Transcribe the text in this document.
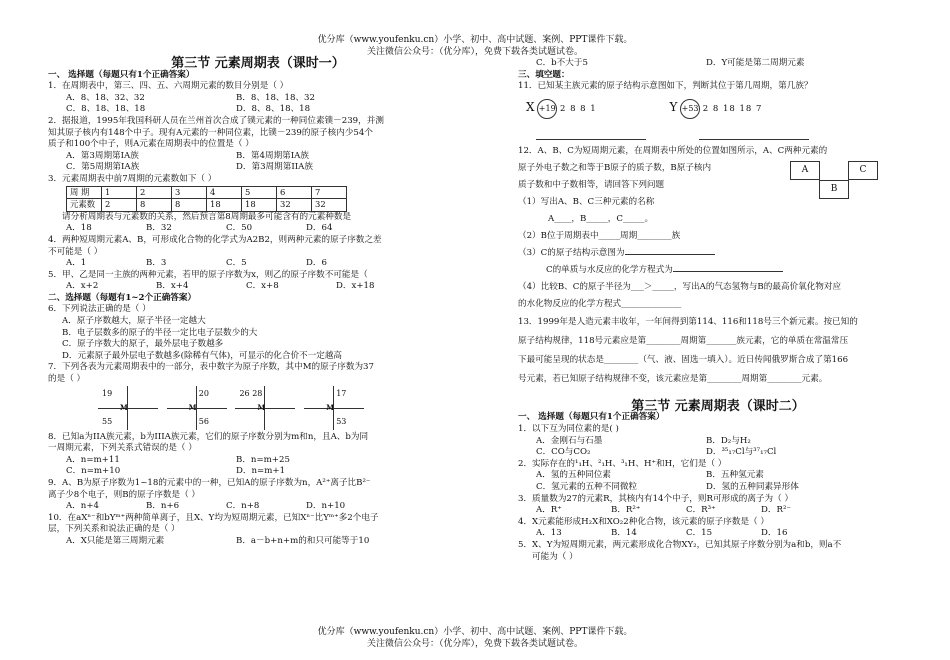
优分库（www.youfenku.cn）小学、初中、高中试题、案例、PPT课件下载。
关注微信公众号：（优分库），免费下载各类试题试卷。

第三节 元素周期表（课时一）

一、 选择题（每题只有1个正确答案）

1．在周期表中，第三、四、五、六周期元素的数目分别是（ ）

A．8、18、32、32	B．8、18、18、32
C．8、18、18、18	D．8、8、18、18

2．据报道，1995年我国科研人员在兰州首次合成了镤元素的一种同位素镤－239，并测

知其原子核内有148个中子。现有A元素的一种同位素，比镤－239的原子核内少54个

质子和100个中子，则A元素在周期表中的位置是（ ）

A．第3周期第IA族	B．第4周期第IA族
C．第5周期第IA族	D．第3周期第IIA族

3．元素周期表中前7周期的元素数如下（ ）

周 期	1	2	3	4	5	6	7
元素数	2	8	8	18	18	32	32

请分析周期表与元素数的关系，然后预言第8周期最多可能含有的元素种数是

A．18	B．32	C．50	D．64

4．两种短周期元素A、B，可形成化合物的化学式为A2B2，则两种元素的原子序数之差

不可能是（ ）

A．1	B．3	C．5	D．6

5．甲、乙是同一主族的两种元素，若甲的原子序数为x，则乙的原子序数不可能是（

A．x+2	B．x+4	C．x+8	D．x+18

二、选择题（每题有1~2个正确答案）

6．下列说法正确的是（ ）

A．原子序数越大，原子半径一定越大

B．电子层数多的原子的半径一定比电子层数少的大

C．原子序数大的原子，最外层电子数越多

D．元素原子最外层电子数越多(除稀有气体)，可显示的化合价不一定越高

7．下列各表为元素周期表中的一部分，表中数字为原子序数，其中M的原子序数为37

的是（ ）

19
55
M

20
56
M

26 28
M

17
53
M

8．已知a为IIA族元素，b为IIIA族元素，它们的原子序数分别为m和n，且A、b为同

一周期元素，下列关系式错误的是（ ）

A．n=m+11	B．n=m+25
C．n=m+10	D．n=m+1

9．A、B为原子序数为1~18的元素中的一种，已知A的原子序数为n，A²⁺离子比B²⁻

离子少8个电子，则B的原子序数是（ ）

A．n+4	B．n+6	C．n+8	D．n+10

10．在aXⁿ⁻和bYᵐ⁺两种简单离子，且X、Y均为短周期元素，已知Xⁿ⁻比Yᵐ⁺多2个电子

层，下列关系和说法正确的是（ ）

A．X只能是第三周期元素	B．a－b+n+m的和只可能等于10
C．b不大于5	D．Y可能是第二周期元素

三、填空题：

11．已知某主族元素的原子结构示意图如下，判断其位于第几周期，第几族？

X +19 2 8 8 1	Y +53 2 8 18 18 7

12．A、B、C为短周期元素，在周期表中所处的位置如图所示，A、C两种元素的

原子外电子数之和等于B原子的质子数，B原子核内

质子数和中子数相等，请回答下列问题

（1）写出A、B、C三种元素的名称

A____，B_____，C_____。

（2）B位于周期表中_____周期________族

（3）C的原子结构示意图为

C的单质与水反应的化学方程式为

（4）比较B、C的原子半径为___＞_____，写出A的气态氢物与B的最高价氧化物对应

的水化物反应的化学方程式______________

13．1999年是人造元素丰收年，一年间得到第114、116和118号三个新元素。按已知的

原子结构规律，118号元素应是第________周期第_______族元素，它的单质在常温常压

下最可能呈现的状态是________（气、液、固选一填入）。近日传闻俄罗斯合成了第166

号元素，若已知原子结构规律不变，该元素应是第________周期第________元素。

第三节 元素周期表（课时二）

一、 选择题（每题只有1个正确答案）

1．以下互为同位素的是( )

A．金刚石与石墨	B．D₂与H₂
C．CO与CO₂	D．³⁵₁₇Cl与³⁷₁₇Cl

2．实际存在的¹₁H、²₁H、³₁H、H⁺和H，它们是（ ）

A．氢的五种同位素	B．五种氢元素
C．氢元素的五种不同微粒	D．氢的五种同素异形体

3．质量数为27的元素R，其核内有14个中子，则R可形成的离子为（ ）

A．R⁺	B．R²⁺	C．R³⁺	D．R²⁻

4．X元素能形成H₂X和XO₂2种化合物，该元素的原子序数是（ ）

A．13	B．14	C．15	D．16

5．X、Y为短周期元素，两元素形成化合物XY₂，已知其原子序数分别为a和b，则a不

可能为（ ）

A	C
B
优分库（www.youfenku.cn）小学、初中、高中试题、案例、PPT课件下载。
关注微信公众号：（优分库），免费下载各类试题试卷。
